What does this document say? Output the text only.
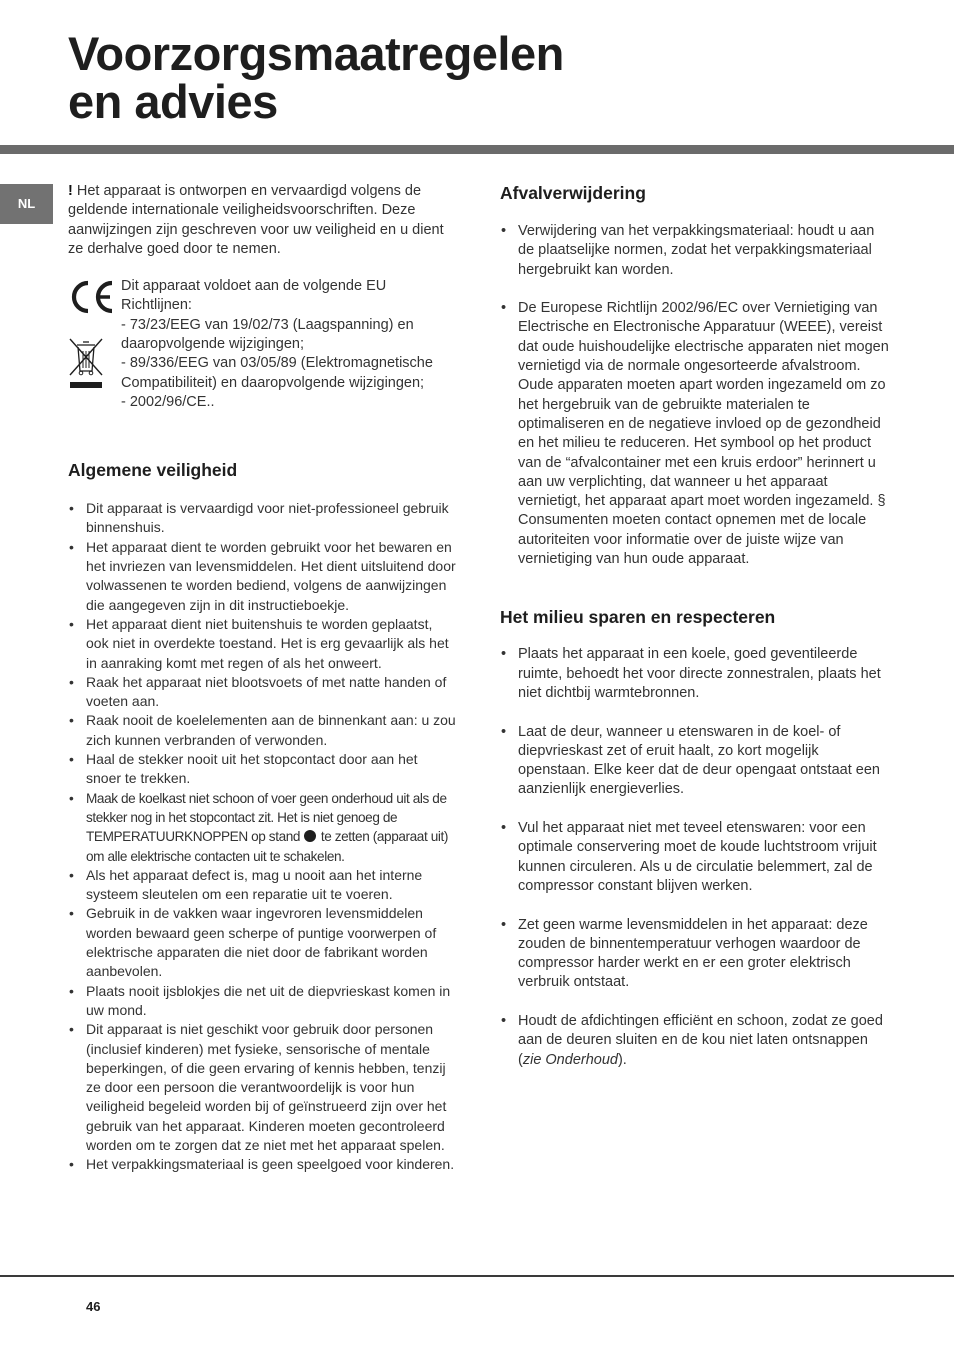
Voorzorgsmaatregelen
en advies
NL

! Het apparaat is ontworpen en vervaardigd volgens de geldende internationale veiligheidsvoorschriften. Deze aanwijzingen zijn geschreven voor uw veiligheid en u dient ze derhalve goed door te nemen.

Dit apparaat voldoet aan de volgende EU Richtlijnen:

- 73/23/EEG van 19/02/73 (Laagspanning) en daaropvolgende wijzigingen;

- 89/336/EEG van 03/05/89 (Elektromagnetische Compatibiliteit) en daaropvolgende wijzigingen;

- 2002/96/CE..

Algemene veiligheid
• Dit apparaat is vervaardigd voor niet-professioneel gebruik binnenshuis.
• Het apparaat dient te worden gebruikt voor het bewaren en het invriezen van levensmiddelen. Het dient uitsluitend door volwassenen te worden bediend, volgens de aanwijzingen die aangegeven zijn in dit instructieboekje.
• Het apparaat dient niet buitenshuis te worden geplaatst, ook niet in overdekte toestand. Het is erg gevaarlijk als het in aanraking komt met regen of als het onweert.
• Raak het apparaat niet blootsvoets of met natte handen of voeten aan.
• Raak nooit de koelelementen aan de binnenkant aan: u zou zich kunnen verbranden of verwonden.
• Haal de stekker nooit uit het stopcontact door aan het snoer te trekken.
• Maak de koelkast niet schoon of voer geen onderhoud uit als de stekker nog in het stopcontact zit. Het is niet genoeg de TEMPERATUURKNOPPEN op stand  te zetten (apparaat uit) om alle elektrische contacten uit te schakelen.
• Als het apparaat defect is, mag u nooit aan het interne systeem sleutelen om een reparatie uit te voeren.
• Gebruik in de vakken waar ingevroren levensmiddelen worden bewaard geen scherpe of puntige voorwerpen of elektrische apparaten die niet door de fabrikant worden aanbevolen.
• Plaats nooit ijsblokjes die net uit de diepvrieskast komen in uw mond.
• Dit apparaat is niet geschikt voor gebruik door personen (inclusief kinderen) met fysieke, sensorische of mentale beperkingen, of die geen ervaring of kennis hebben, tenzij ze door een persoon die verantwoordelijk is voor hun veiligheid begeleid worden bij of geïnstrueerd zijn over het gebruik van het apparaat. Kinderen moeten gecontroleerd worden om te zorgen dat ze niet met het apparaat spelen.
• Het verpakkingsmateriaal is geen speelgoed voor kinderen.
Afvalverwijdering
• Verwijdering van het verpakkingsmateriaal: houdt u aan de plaatselijke normen, zodat het verpakkingsmateriaal hergebruikt kan worden.
• De Europese Richtlijn 2002/96/EC over Vernietiging van Electrische en Electronische Apparatuur (WEEE), vereist dat oude huishoudelijke electrische apparaten niet mogen vernietigd via de normale ongesorteerde afvalstroom. Oude apparaten moeten apart worden ingezameld om zo het hergebruik van de gebruikte materialen te optimaliseren en de negatieve invloed op de gezondheid en het milieu te reduceren. Het symbool op het product van de “afvalcontainer met een kruis erdoor” herinnert u aan uw verplichting, dat wanneer u het apparaat vernietigt, het apparaat apart moet worden ingezameld. §
Consumenten moeten contact opnemen met de locale autoriteiten voor informatie over de juiste wijze van vernietiging van hun oude apparaat.
Het milieu sparen en respecteren
• Plaats het apparaat in een koele, goed geventileerde ruimte, behoedt het voor directe zonnestralen, plaats het niet dichtbij warmtebronnen.
• Laat de deur, wanneer u etenswaren in de koel- of diepvrieskast zet of eruit haalt, zo kort mogelijk openstaan. Elke keer dat de deur opengaat ontstaat een aanzienlijk energieverlies.
• Vul het apparaat niet met teveel etenswaren: voor een optimale conservering moet de koude luchtstroom vrijuit kunnen circuleren. Als u de circulatie belemmert, zal de compressor constant blijven werken.
• Zet geen warme levensmiddelen in het apparaat: deze zouden de binnentemperatuur verhogen waardoor de compressor harder werkt en er een groter elektrisch verbruik ontstaat.
• Houdt de afdichtingen efficiënt en schoon, zodat ze goed aan de deuren sluiten en de kou niet laten ontsnappen (zie Onderhoud).
46
